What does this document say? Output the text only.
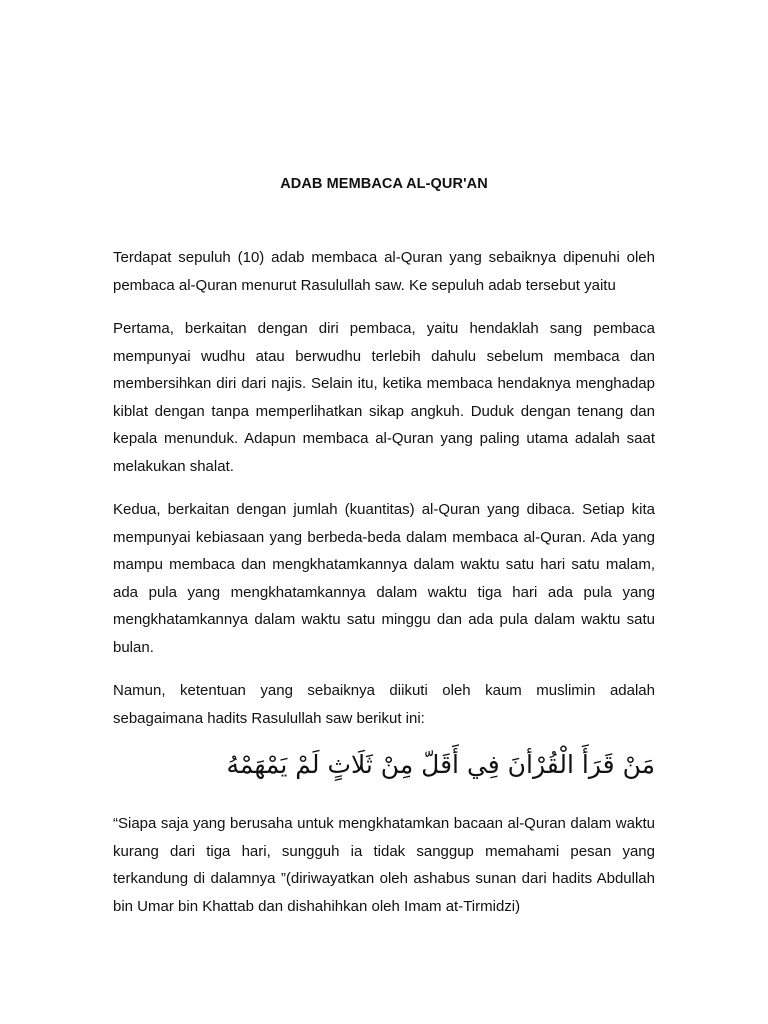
ADAB MEMBACA AL-QUR'AN

Terdapat sepuluh (10) adab membaca al-Quran yang sebaiknya dipenuhi oleh pembaca al-Quran menurut Rasulullah saw. Ke sepuluh adab tersebut yaitu

Pertama, berkaitan dengan diri pembaca, yaitu hendaklah sang pembaca mempunyai wudhu atau berwudhu terlebih dahulu sebelum membaca dan membersihkan diri dari najis. Selain itu, ketika membaca hendaknya menghadap kiblat dengan tanpa memperlihatkan sikap angkuh. Duduk dengan tenang dan kepala menunduk. Adapun membaca al-Quran yang paling utama adalah saat melakukan shalat.

Kedua, berkaitan dengan jumlah (kuantitas) al-Quran yang dibaca. Setiap kita mempunyai kebiasaan yang berbeda-beda dalam membaca al-Quran. Ada yang mampu membaca dan mengkhatamkannya dalam waktu satu hari satu malam, ada pula yang mengkhatamkannya dalam waktu tiga hari ada pula yang mengkhatamkannya dalam waktu satu minggu dan ada pula dalam waktu satu bulan.

Namun, ketentuan yang sebaiknya diikuti oleh kaum muslimin adalah sebagaimana hadits Rasulullah saw berikut ini:

مَنْ قَرَأَ الْقُرْأنَ فِي أَقَلّ مِنْ ثَلَاثٍ لَمْ يَمْهَمْهُ

“Siapa saja yang berusaha untuk mengkhatamkan bacaan al-Quran dalam waktu kurang dari tiga hari, sungguh ia tidak sanggup memahami pesan yang terkandung di dalamnya ”(diriwayatkan oleh ashabus sunan dari hadits Abdullah bin Umar bin Khattab dan dishahihkan oleh Imam at-Tirmidzi)
